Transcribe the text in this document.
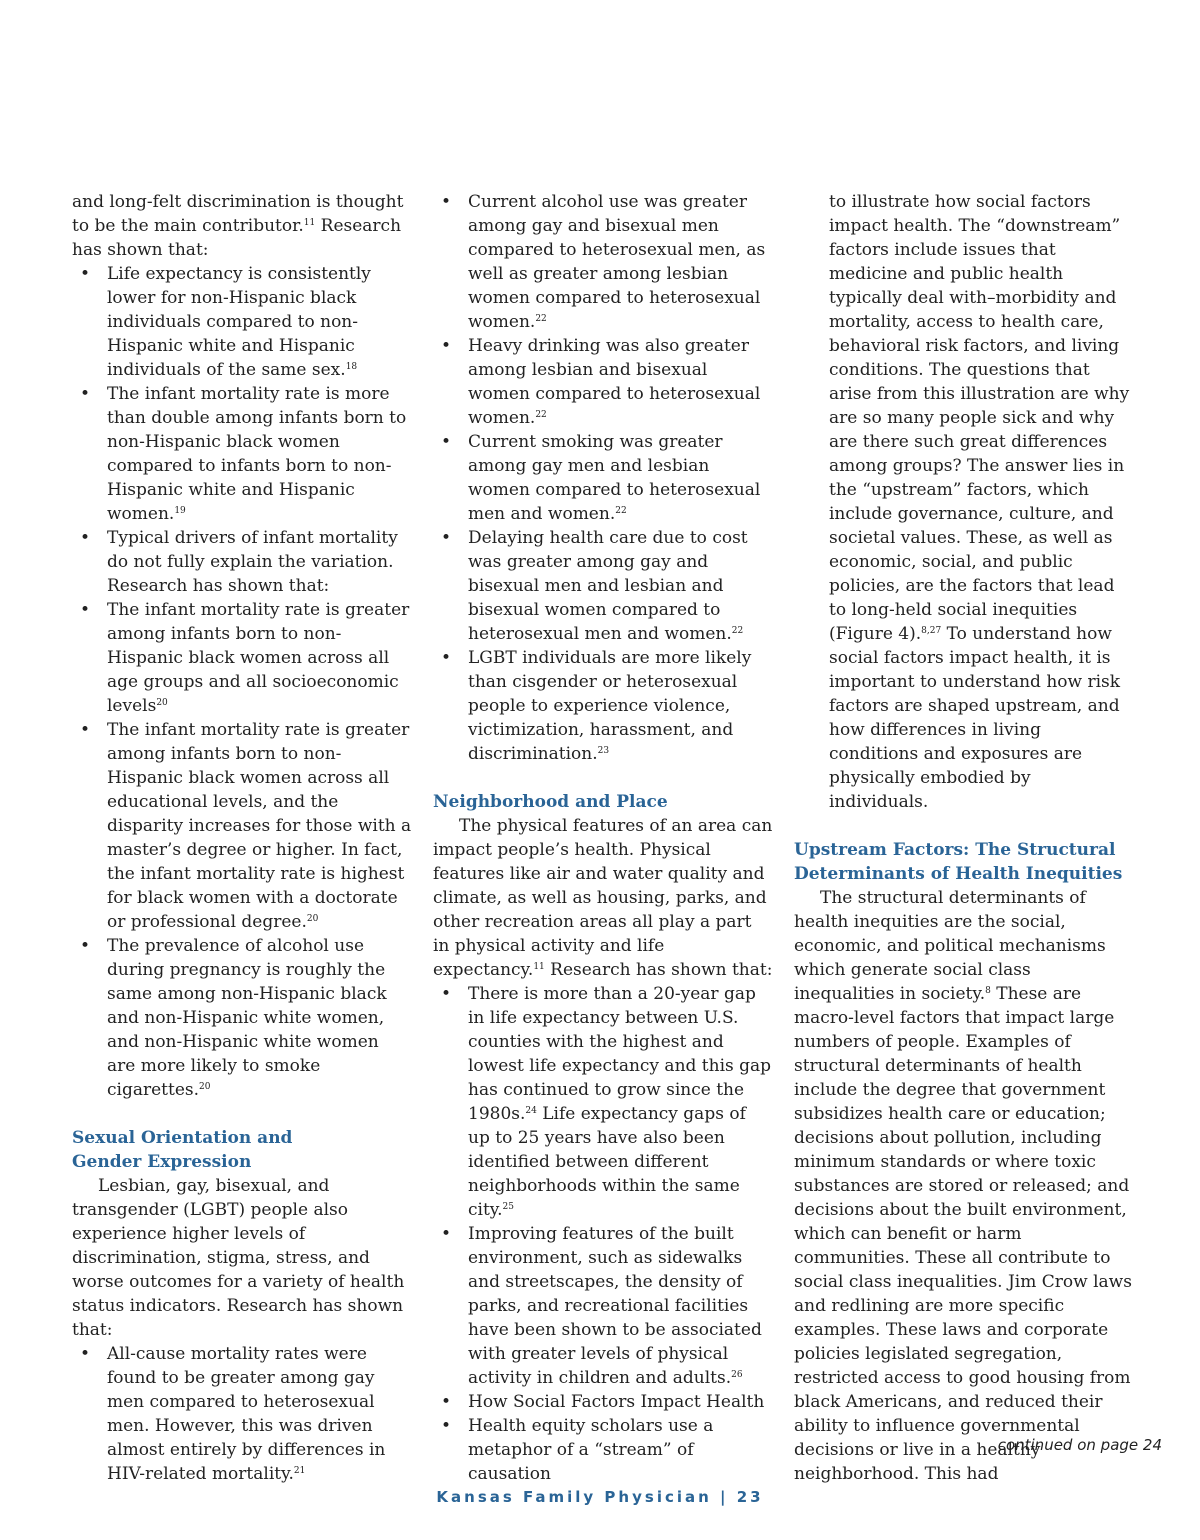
and long-felt discrimination is thought to be the main contributor.$^{11}$ Research has shown that:

• Life expectancy is consistently lower for non-Hispanic black individuals compared to non-Hispanic white and Hispanic individuals of the same sex.$^{18}$
• The infant mortality rate is more than double among infants born to non-Hispanic black women compared to infants born to non-Hispanic white and Hispanic women.$^{19}$
• Typical drivers of infant mortality do not fully explain the variation. Research has shown that:
• The infant mortality rate is greater among infants born to non-Hispanic black women across all age groups and all socioeconomic levels$^{20}$
• The infant mortality rate is greater among infants born to non-Hispanic black women across all educational levels, and the disparity increases for those with a master’s degree or higher. In fact, the infant mortality rate is highest for black women with a doctorate or professional degree.$^{20}$
• The prevalence of alcohol use during pregnancy is roughly the same among non-Hispanic black and non-Hispanic white women, and non-Hispanic white women are more likely to smoke cigarettes.$^{20}$
Sexual Orientation and
Gender Expression

Lesbian, gay, bisexual, and transgender (LGBT) people also experience higher levels of discrimination, stigma, stress, and worse outcomes for a variety of health status indicators. Research has shown that:

• All-cause mortality rates were found to be greater among gay men compared to heterosexual men. However, this was driven almost entirely by differences in HIV-related mortality.$^{21}$
• Current alcohol use was greater among gay and bisexual men compared to heterosexual men, as well as greater among lesbian women compared to heterosexual women.$^{22}$
• Heavy drinking was also greater among lesbian and bisexual women compared to heterosexual women.$^{22}$
• Current smoking was greater among gay men and lesbian women compared to heterosexual men and women.$^{22}$
• Delaying health care due to cost was greater among gay and bisexual men and lesbian and bisexual women compared to heterosexual men and women.$^{22}$
• LGBT individuals are more likely than cisgender or heterosexual people to experience violence, victimization, harassment, and discrimination.$^{23}$
Neighborhood and Place

The physical features of an area can impact people’s health. Physical features like air and water quality and climate, as well as housing, parks, and other recreation areas all play a part in physical activity and life expectancy.$^{11}$ Research has shown that:

• There is more than a 20-year gap in life expectancy between U.S. counties with the highest and lowest life expectancy and this gap has continued to grow since the 1980s.$^{24}$ Life expectancy gaps of up to 25 years have also been identified between different neighborhoods within the same city.$^{25}$
• Improving features of the built environment, such as sidewalks and streetscapes, the density of parks, and recreational facilities have been shown to be associated with greater levels of physical activity in children and adults.$^{26}$
• How Social Factors Impact Health
• Health equity scholars use a metaphor of a “stream” of causation

to illustrate how social factors impact health. The “downstream” factors include issues that medicine and public health typically deal with–morbidity and mortality, access to health care, behavioral risk factors, and living conditions. The questions that arise from this illustration are why are so many people sick and why are there such great differences among groups? The answer lies in the “upstream” factors, which include governance, culture, and societal values. These, as well as economic, social, and public policies, are the factors that lead to long-held social inequities (Figure 4).$^{8,27}$ To understand how social factors impact health, it is important to understand how risk factors are shaped upstream, and how differences in living conditions and exposures are physically embodied by individuals.

Upstream Factors: The Structural
Determinants of Health Inequities

The structural determinants of health inequities are the social, economic, and political mechanisms which generate social class inequalities in society.$^8$ These are macro-level factors that impact large numbers of people. Examples of structural determinants of health include the degree that government subsidizes health care or education; decisions about pollution, including minimum standards or where toxic substances are stored or released; and decisions about the built environment, which can benefit or harm communities. These all contribute to social class inequalities. Jim Crow laws and redlining are more specific examples. These laws and corporate policies legislated segregation, restricted access to good housing from black Americans, and reduced their ability to influence governmental decisions or live in a healthy neighborhood. This had

continued on page 24
Kansas Family Physician | 23
